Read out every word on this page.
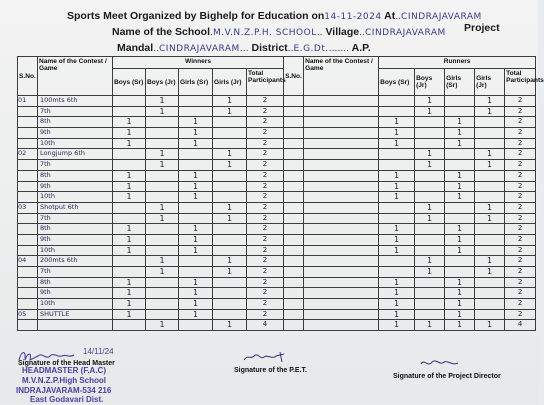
Sports Meet Organized by Bighelp for Education on14-11-2024 At..CINDRAJAVARAM
Project
Name of the School.M.V.N.Z.P.H. SCHOOL.. Village..CINDRAJAVARAM
Mandal..CINDRAJAVARAM... District..E.G.Dt........ A.P.
S.No.	Name of the Contest / Game	Winners					S.No.	Name of the Contest / Game	Runners				
		Boys (Sr)	Boys (Jr)	Girls (Sr)	Girls (Jr)	Total Participants			Boys (Sr)	Boys (Jr)	Girls (Sr)	Girls (Jr)	Total Participants
01	100mts 6th		1		1	2				1		1	2

	7th		1		1	2				1		1	2

	8th	1		1		2			1		1		2

	9th	1		1		2			1		1		2

	10th	1		1		2			1		1		2

02	Longjump 6th		1		1	2				1		1	2

	7th		1		1	2				1		1	2

	8th	1		1		2			1		1		2

	9th	1		1		2			1		1		2

	10th	1		1		2			1		1		2

03	Shotput 6th		1		1	2				1		1	2

	7th		1		1	2				1		1	2

	8th	1		1		2			1		1		2

	9th	1		1		2			1		1		2

	10th	1		1		2			1		1		2

04	200mts 6th		1		1	2				1		1	2

	7th		1		1	2				1		1	2

	8th	1		1		2			1		1		2

	9th	1		1		2			1		1		2

	10th	1		1		2			1		1		2

05	SHUTTLE	1		1		2			1		1		2

			1		1	4			1	1	1	1	4
14/11/24
Signature of the Head Master
HEADMASTER (F.A.C)
M.V.N.Z.P.High School
INDRAJAVARAM-534 216
East Godavari Dist.
Signature of the P.E.T.
Signature of the Project Director
